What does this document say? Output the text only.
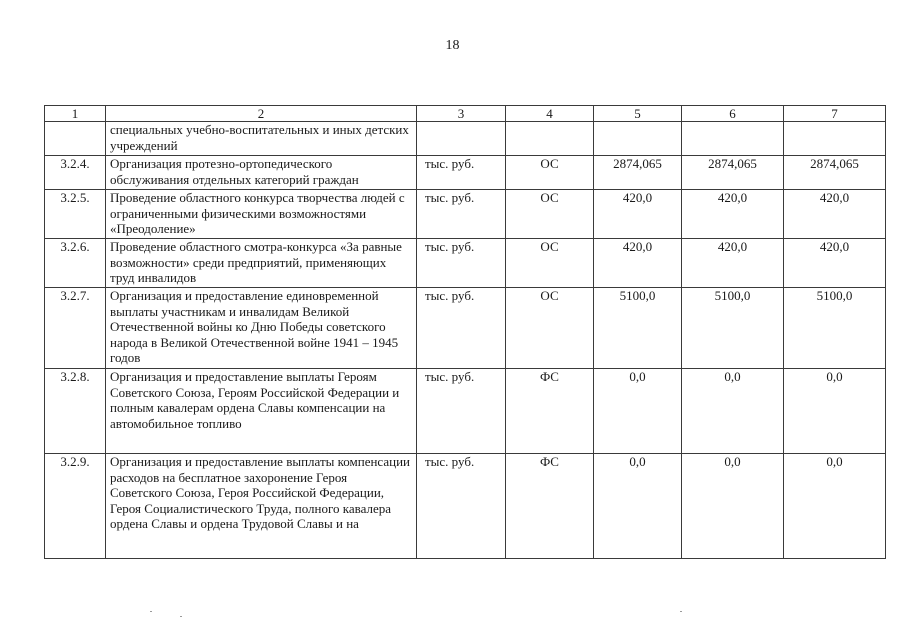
18
1	2	3	4	5	6	7
	специальных учебно-воспитательных и иных детских учреждений					
3.2.4.	Организация протезно-ортопедического обслуживания отдельных категорий граждан	тыс. руб.	ОС	2874,065	2874,065	2874,065
3.2.5.	Проведение областного конкурса творчества людей с ограниченными физическими возможностями «Преодоление»	тыс. руб.	ОС	420,0	420,0	420,0
3.2.6.	Проведение областного смотра-конкурса «За равные возможности» среди предприятий, применяющих труд инвалидов	тыс. руб.	ОС	420,0	420,0	420,0
3.2.7.	Организация и предоставление единовременной выплаты участникам и инвалидам Великой Отечественной войны ко Дню Победы советского народа в Великой Отечественной войне 1941 – 1945 годов	тыс. руб.	ОС	5100,0	5100,0	5100,0
3.2.8.	Организация и предоставление выплаты Героям Советского Союза, Героям Российской Федерации и полным кавалерам ордена Славы компенсации на автомобильное топливо	тыс. руб.	ФС	0,0	0,0	0,0
3.2.9.	Организация и предоставление выплаты компенсации расходов на бесплатное захоронение Героя Советского Союза, Героя Российской Федерации, Героя Социалистического Труда, полного кавалера ордена Славы и ордена Трудовой Славы и на	тыс. руб.	ФС	0,0	0,0	0,0
